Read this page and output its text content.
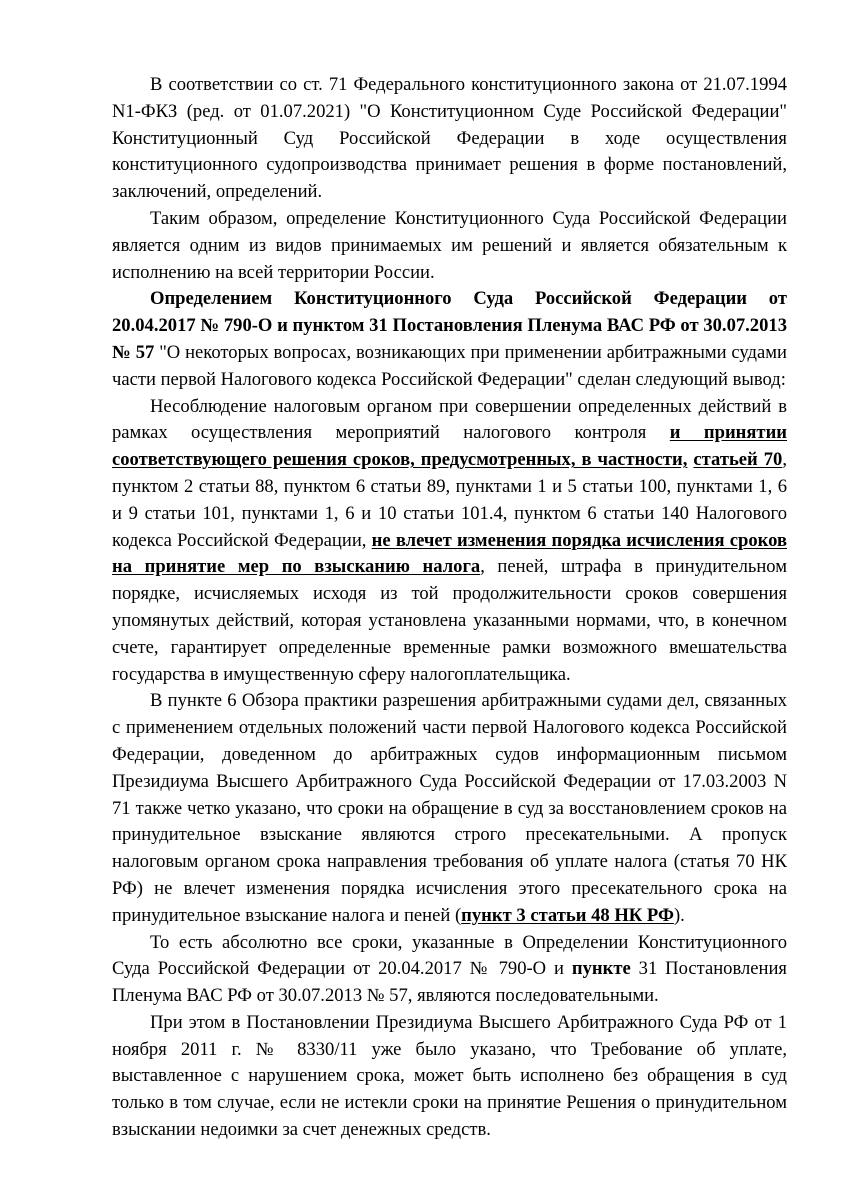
В соответствии со ст. 71 Федерального конституционного закона от 21.07.1994 N1-ФКЗ (ред. от 01.07.2021) "О Конституционном Суде Российской Федерации" Конституционный Суд Российской Федерации в ходе осуществления конституционного судопроизводства принимает решения в форме постановлений, заключений, определений.

Таким образом, определение Конституционного Суда Российской Федерации является одним из видов принимаемых им решений и является обязательным к исполнению на всей территории России.

Определением Конституционного Суда Российской Федерации от 20.04.2017 № 790-О и пунктом 31 Постановления Пленума ВАС РФ от 30.07.2013 № 57 "О некоторых вопросах, возникающих при применении арбитражными судами части первой Налогового кодекса Российской Федерации" сделан следующий вывод:

Несоблюдение налоговым органом при совершении определенных действий в рамках осуществления мероприятий налогового контроля и принятии соответствующего решения сроков, предусмотренных, в частности, статьей 70, пунктом 2 статьи 88, пунктом 6 статьи 89, пунктами 1 и 5 статьи 100, пунктами 1, 6 и 9 статьи 101, пунктами 1, 6 и 10 статьи 101.4, пунктом 6 статьи 140 Налогового кодекса Российской Федерации, не влечет изменения порядка исчисления сроков на принятие мер по взысканию налога, пеней, штрафа в принудительном порядке, исчисляемых исходя из той продолжительности сроков совершения упомянутых действий, которая установлена указанными нормами, что, в конечном счете, гарантирует определенные временные рамки возможного вмешательства государства в имущественную сферу налогоплательщика.

В пункте 6 Обзора практики разрешения арбитражными судами дел, связанных с применением отдельных положений части первой Налогового кодекса Российской Федерации, доведенном до арбитражных судов информационным письмом Президиума Высшего Арбитражного Суда Российской Федерации от 17.03.2003 N 71 также четко указано, что сроки на обращение в суд за восстановлением сроков на принудительное взыскание являются строго пресекательными. А пропуск налоговым органом срока направления требования об уплате налога (статья 70 НК РФ) не влечет изменения порядка исчисления этого пресекательного срока на принудительное взыскание налога и пеней (пункт 3 статьи 48 НК РФ).

То есть абсолютно все сроки, указанные в Определении Конституционного Суда Российской Федерации от 20.04.2017 № 790-О и пункте 31 Постановления Пленума ВАС РФ от 30.07.2013 № 57, являются последовательными.

При этом в Постановлении Президиума Высшего Арбитражного Суда РФ от 1 ноября 2011 г. № 8330/11 уже было указано, что Требование об уплате, выставленное с нарушением срока, может быть исполнено без обращения в суд только в том случае, если не истекли сроки на принятие Решения о принудительном взыскании недоимки за счет денежных средств.
